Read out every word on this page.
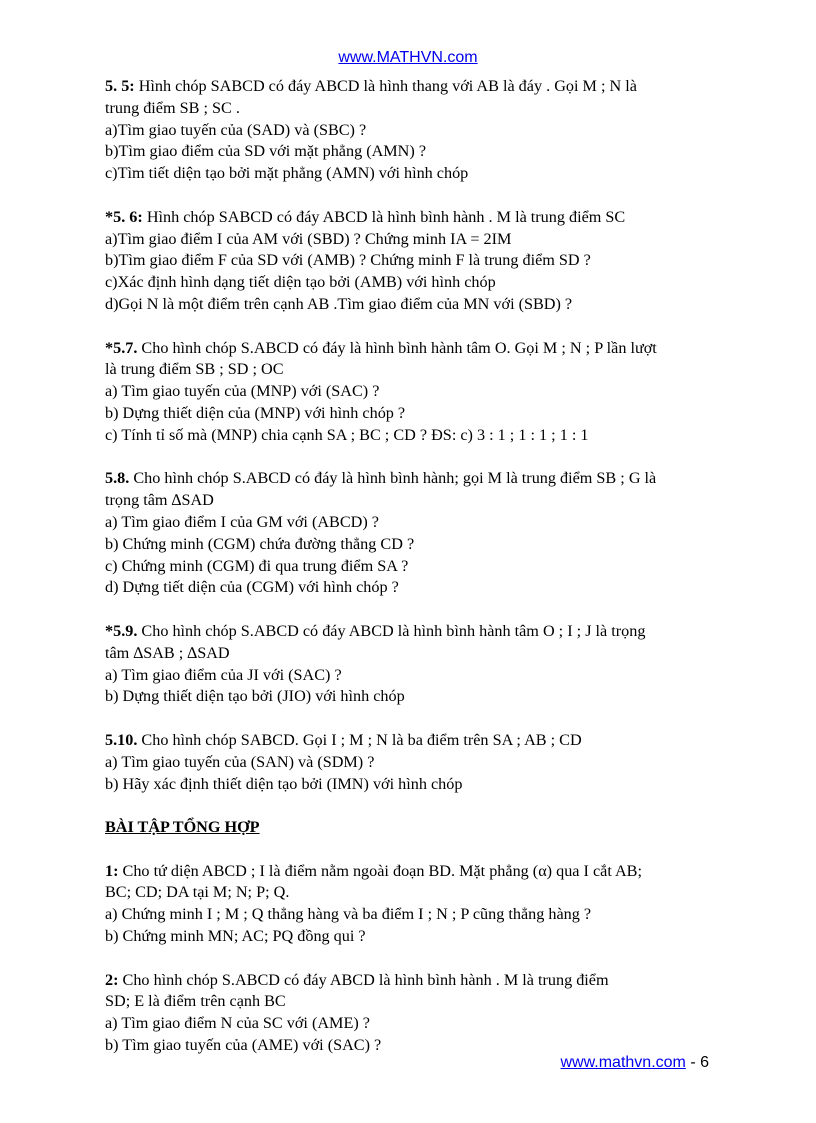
www.MATHVN.com
5. 5: Hình chóp SABCD có đáy ABCD là hình thang với AB là đáy . Gọi M ; N là
trung điểm SB ; SC .
a)Tìm giao tuyến của (SAD) và (SBC) ?
b)Tìm giao điểm của SD với mặt phẳng (AMN) ?
c)Tìm tiết diện tạo bởi mặt phẳng (AMN) với hình chóp
*5. 6: Hình chóp SABCD có đáy ABCD là hình bình hành . M là trung điểm SC
a)Tìm giao điểm I của AM với (SBD) ? Chứng minh IA = 2IM
b)Tìm giao điểm F của SD với (AMB) ? Chứng minh F là trung điểm SD ?
c)Xác định hình dạng tiết diện tạo bởi (AMB) với hình chóp
d)Gọi N là một điểm trên cạnh AB .Tìm giao điểm của MN với (SBD) ?
*5.7. Cho hình chóp S.ABCD có đáy là hình bình hành tâm O. Gọi M ; N ; P lần lượt
là trung điểm SB ; SD ; OC
a) Tìm giao tuyến của (MNP) với (SAC) ?
b) Dựng thiết diện của (MNP) với hình chóp ?
c) Tính tỉ số mà (MNP) chia cạnh SA ; BC ; CD ? ĐS: c) 3 : 1 ; 1 : 1 ; 1 : 1
5.8. Cho hình chóp S.ABCD có đáy là hình bình hành; gọi M là trung điểm SB ; G là
trọng tâm ∆SAD
a) Tìm giao điểm I của GM với (ABCD) ?
b) Chứng minh (CGM) chứa đường thẳng CD ?
c) Chứng minh (CGM) đi qua trung điểm SA ?
d) Dựng tiết diện của (CGM) với hình chóp ?
*5.9. Cho hình chóp S.ABCD có đáy ABCD là hình bình hành tâm O ; I ; J là trọng
tâm ∆SAB ; ∆SAD
a) Tìm giao điểm của JI với (SAC) ?
b) Dựng thiết diện tạo bởi (JIO) với hình chóp
5.10. Cho hình chóp SABCD. Gọi I ; M ; N là ba điểm trên SA ; AB ; CD
a) Tìm giao tuyến của (SAN) và (SDM) ?
b) Hãy xác định thiết diện tạo bởi (IMN) với hình chóp
BÀI TẬP TỔNG HỢP
1: Cho tứ diện ABCD ; I là điểm nằm ngoài đoạn BD. Mặt phẳng (α) qua I cắt AB;
BC; CD; DA tại M; N; P; Q.
a) Chứng minh I ; M ; Q thẳng hàng và ba điểm I ; N ; P cũng thẳng hàng ?
b) Chứng minh MN; AC; PQ đồng qui ?
2: Cho hình chóp S.ABCD có đáy ABCD là hình bình hành . M là trung điểm
SD; E là điểm trên cạnh BC
a) Tìm giao điểm N của SC với (AME) ?
b) Tìm giao tuyến của (AME) với (SAC) ?
www.mathvn.com - 6
